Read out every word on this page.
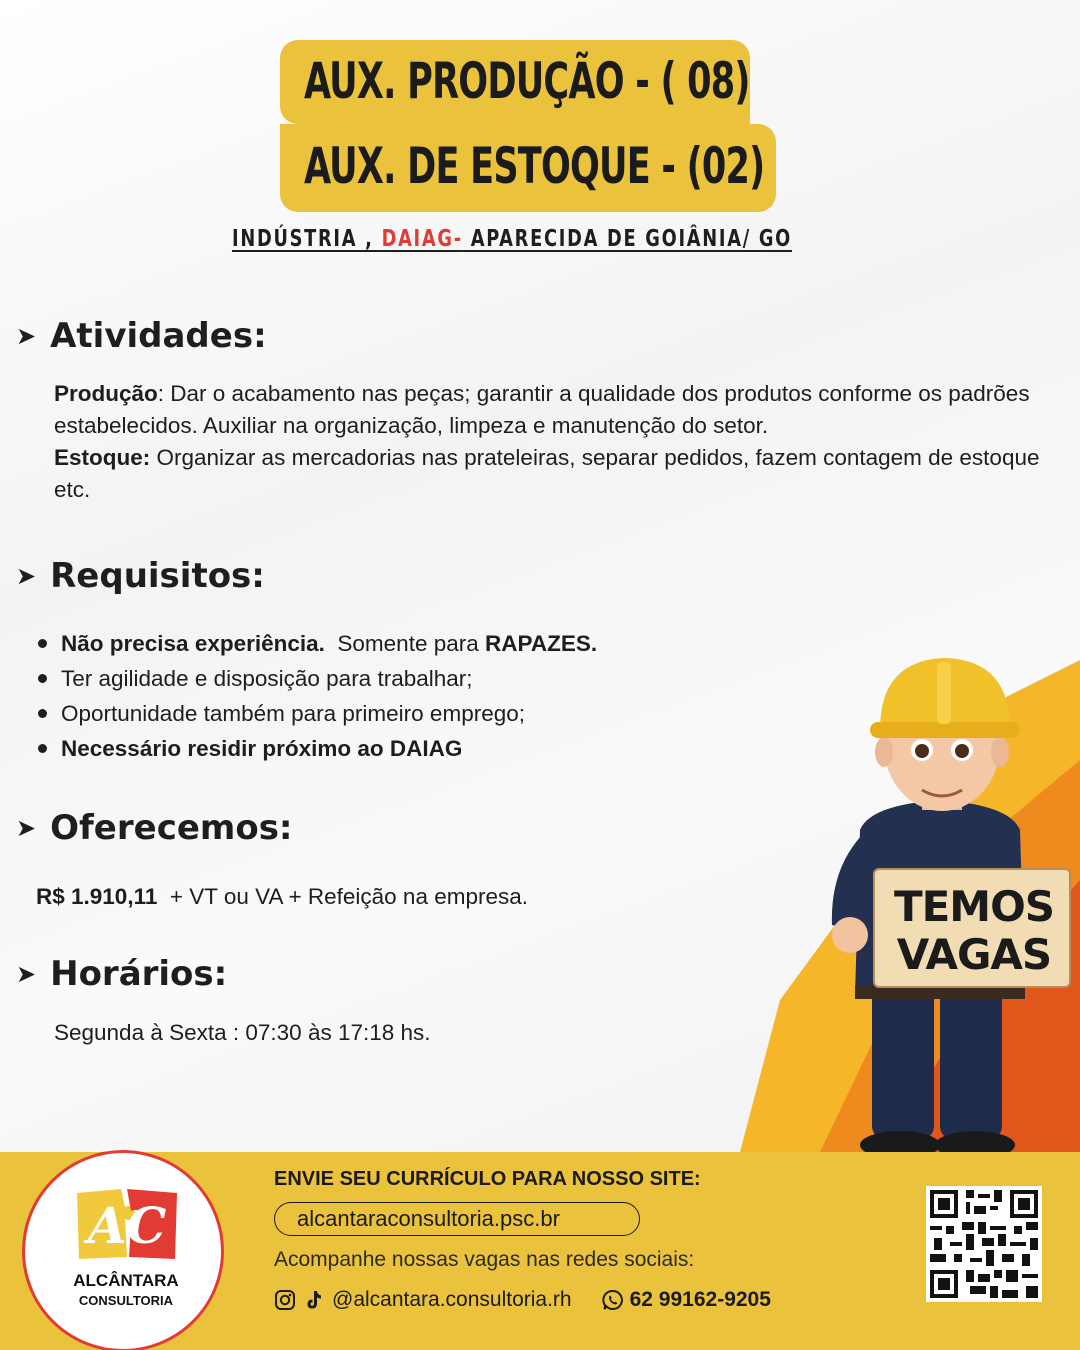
AUX. PRODUÇÃO - ( 08)
AUX. DE ESTOQUE - (02)
INDÚSTRIA , DAIAG- APARECIDA DE GOIÂNIA/ GO
➤ Atividades:
Produção: Dar o acabamento nas peças; garantir a qualidade dos produtos conforme os padrões estabelecidos. Auxiliar na organização, limpeza e manutenção do setor.
Estoque: Organizar as mercadorias nas prateleiras, separar pedidos, fazem contagem de estoque etc.
➤ Requisitos:
Não precisa experiência. Somente para RAPAZES.
Ter agilidade e disposição para trabalhar;
Oportunidade também para primeiro emprego;
Necessário residir próximo ao DAIAG
➤ Oferecemos:
R$ 1.910,11  + VT ou VA + Refeição na empresa.
➤ Horários:
Segunda à Sexta : 07:30 às 17:18 hs.
TEMOS
VAGAS
AC
ALCÂNTARA
CONSULTORIA
ENVIE SEU CURRÍCULO PARA NOSSO SITE:
alcantaraconsultoria.psc.br
Acompanhe nossas vagas nas redes sociais:
@alcantara.consultoria.rh	62 99162-9205
